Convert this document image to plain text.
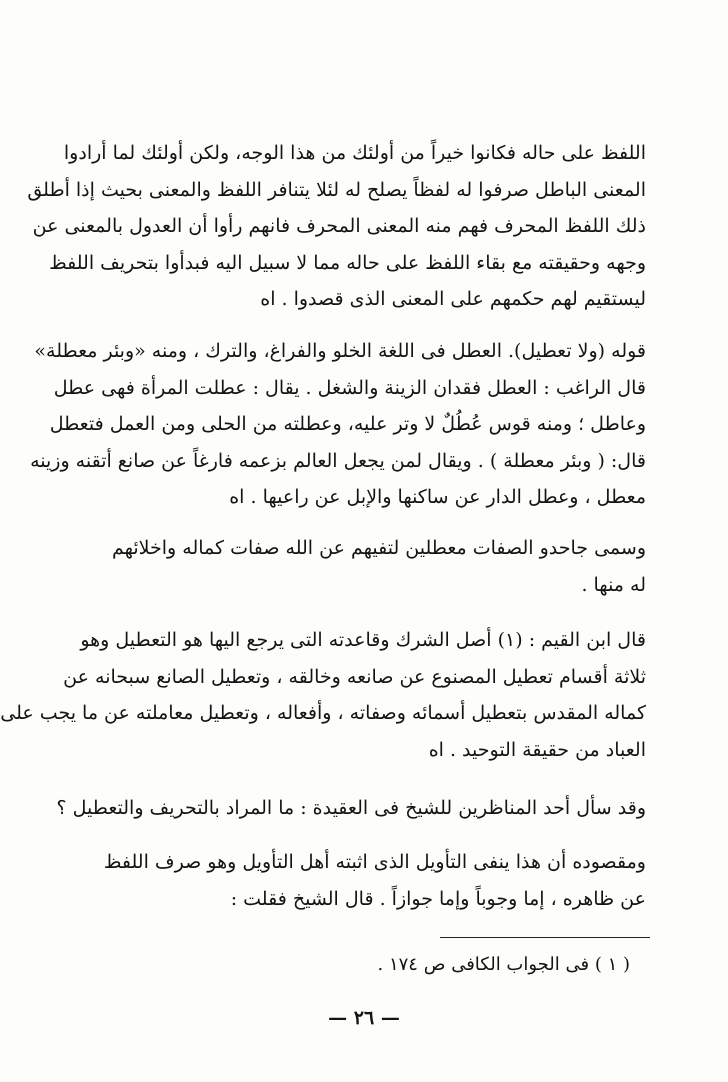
اللفظ على حاله فكانوا خيراً من أولئك من هذا الوجه، ولكن أولئك لما أرادوا
المعنى الباطل صرفوا له لفظاً يصلح له لئلا يتنافر اللفظ والمعنى بحيث إذا أطلق
ذلك اللفظ المحرف فهم منه المعنى المحرف فانهم رأوا أن العدول بالمعنى عن
وجهه وحقيقته مع بقاء اللفظ على حاله مما لا سبيل اليه فبدأوا بتحريف اللفظ
ليستقيم لهم حكمهم على المعنى الذى قصدوا . اه
قوله (ولا تعطيل). العطل فى اللغة الخلو والفراغ، والترك ، ومنه «وبئر معطلة»
قال الراغب : العطل فقدان الزينة والشغل . يقال : عطلت المرأة فهى عطل
وعاطل ؛ ومنه قوس عُطُلٌ لا وتر عليه، وعطلته من الحلى ومن العمل فتعطل
قال: ( وبئر معطلة ) . ويقال لمن يجعل العالم بزعمه فارغاً عن صانع أتقنه وزينه
معطل ، وعطل الدار عن ساكنها والإبل عن راعيها . اه
وسمى جاحدو الصفات معطلين لتفيهم عن الله صفات كماله واخلائهم
له منها .
قال ابن القيم : (١) أصل الشرك وقاعدته التى يرجع اليها هو التعطيل وهو
ثلاثة أقسام تعطيل المصنوع عن صانعه وخالقه ، وتعطيل الصانع سبحانه عن
كماله المقدس بتعطيل أسمائه وصفاته ، وأفعاله ، وتعطيل معاملته عن ما يجب على
العباد من حقيقة التوحيد . اه
وقد سأل أحد المناظرين للشيخ فى العقيدة : ما المراد بالتحريف والتعطيل ؟
ومقصوده أن هذا ينفى التأويل الذى اثبته أهل التأويل وهو صرف اللفظ
عن ظاهره ، إما وجوباً وإما جوازاً . قال الشيخ فقلت :
( ١ ) فى الجواب الكافى ص ١٧٤ .
— ٢٦ —
